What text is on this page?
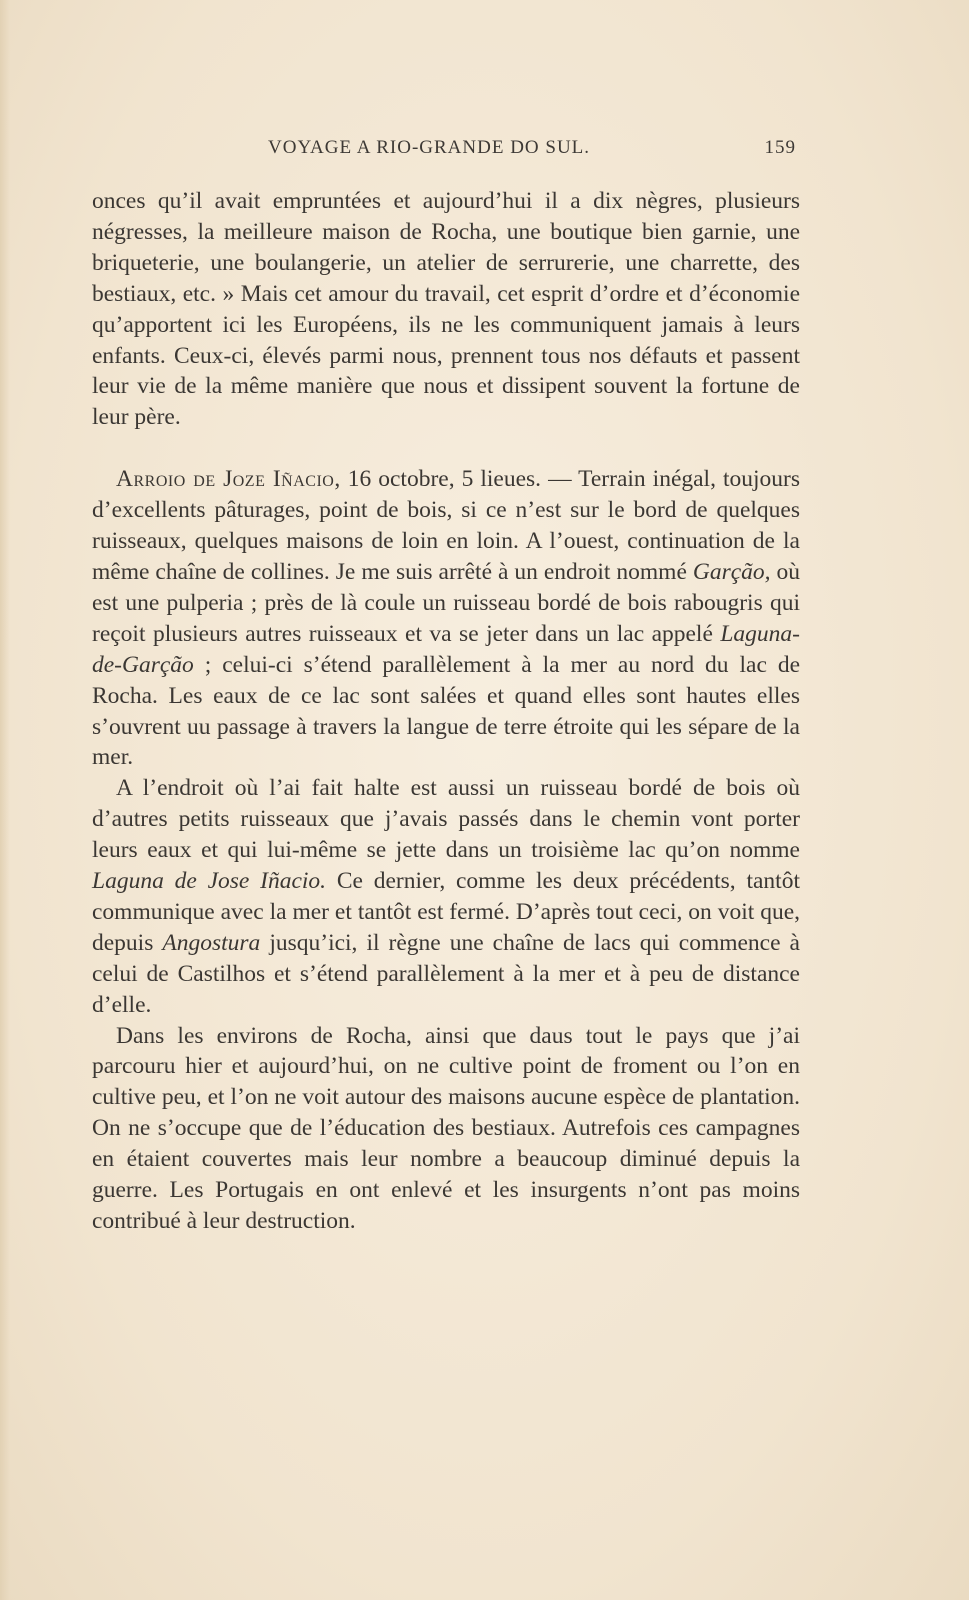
VOYAGE A RIO-GRANDE DO SUL.	159

onces qu’il avait empruntées et aujourd’hui il a dix nègres, plusieurs négresses, la meilleure maison de Rocha, une boutique bien garnie, une briqueterie, une boulangerie, un atelier de serrurerie, une charrette, des bestiaux, etc. » Mais cet amour du travail, cet esprit d’ordre et d’économie qu’apportent ici les Européens, ils ne les communiquent jamais à leurs enfants. Ceux-ci, élevés parmi nous, prennent tous nos défauts et passent leur vie de la même manière que nous et dissipent souvent la fortune de leur père.

Arroio de Joze Iñacio, 16 octobre, 5 lieues. — Terrain inégal, toujours d’excellents pâturages, point de bois, si ce n’est sur le bord de quelques ruisseaux, quelques maisons de loin en loin. A l’ouest, continuation de la même chaîne de collines. Je me suis arrêté à un endroit nommé Garção, où est une pulperia ; près de là coule un ruisseau bordé de bois rabougris qui reçoit plusieurs autres ruisseaux et va se jeter dans un lac appelé Laguna-de-Garção ; celui-ci s’étend parallèlement à la mer au nord du lac de Rocha. Les eaux de ce lac sont salées et quand elles sont hautes elles s’ouvrent uu passage à travers la langue de terre étroite qui les sépare de la mer.

A l’endroit où l’ai fait halte est aussi un ruisseau bordé de bois où d’autres petits ruisseaux que j’avais passés dans le chemin vont porter leurs eaux et qui lui-même se jette dans un troisième lac qu’on nomme Laguna de Jose Iñacio. Ce dernier, comme les deux précédents, tantôt communique avec la mer et tantôt est fermé. D’après tout ceci, on voit que, depuis Angostura jusqu’ici, il règne une chaîne de lacs qui commence à celui de Castilhos et s’étend parallèlement à la mer et à peu de distance d’elle.

Dans les environs de Rocha, ainsi que daus tout le pays que j’ai parcouru hier et aujourd’hui, on ne cultive point de froment ou l’on en cultive peu, et l’on ne voit autour des maisons aucune espèce de plantation. On ne s’occupe que de l’éducation des bestiaux. Autrefois ces campagnes en étaient couvertes mais leur nombre a beaucoup diminué depuis la guerre. Les Portugais en ont enlevé et les insurgents n’ont pas moins contribué à leur destruction.
